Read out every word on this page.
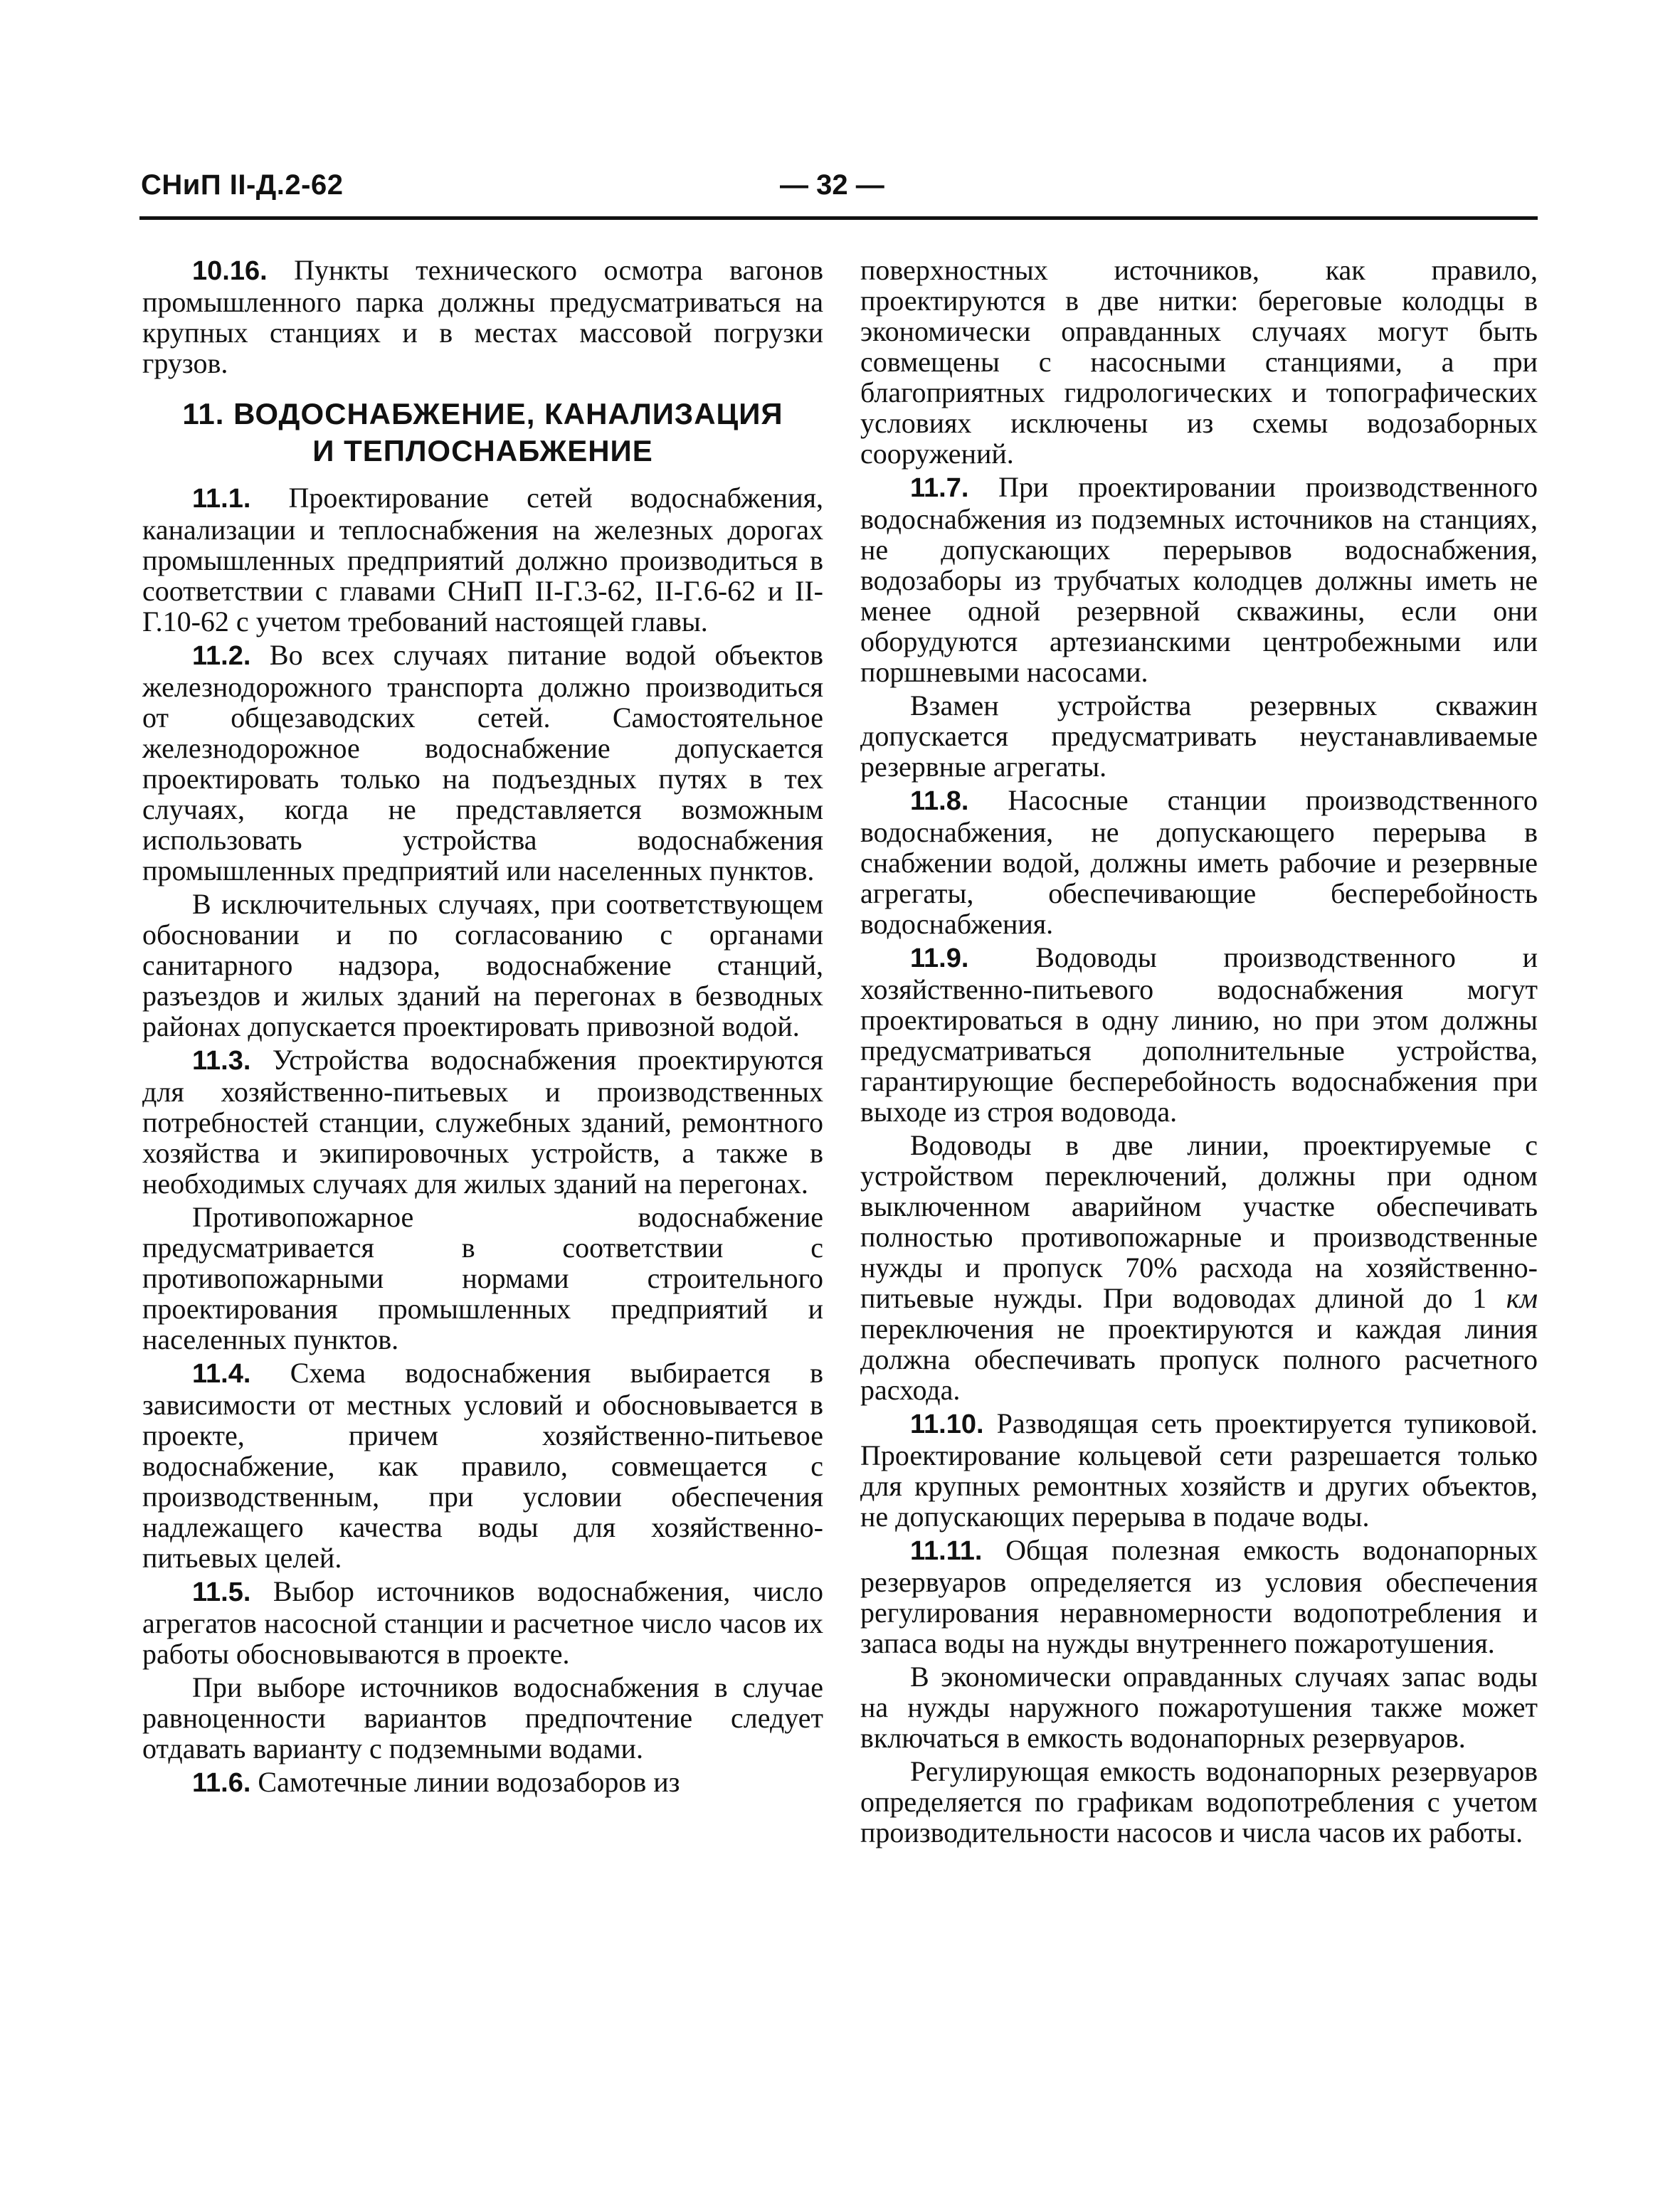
СНиП II-Д.2-62	— 32 —

10.16. Пункты технического осмотра вагонов промышленного парка должны предусматриваться на крупных станциях и в местах массовой погрузки грузов.

11. ВОДОСНАБЖЕНИЕ, КАНАЛИЗАЦИЯ
И ТЕПЛОСНАБЖЕНИЕ

11.1. Проектирование сетей водоснабжения, канализации и теплоснабжения на железных дорогах промышленных предприятий должно производиться в соответствии с главами СНиП II-Г.3-62, II-Г.6-62 и II-Г.10-62 с учетом требований настоящей главы.

11.2. Во всех случаях питание водой объектов железнодорожного транспорта должно производиться от общезаводских сетей. Самостоятельное железнодорожное водоснабжение допускается проектировать только на подъездных путях в тех случаях, когда не представляется возможным использовать устройства водоснабжения промышленных предприятий или населенных пунктов.

В исключительных случаях, при соответствующем обосновании и по согласованию с органами санитарного надзора, водоснабжение станций, разъездов и жилых зданий на перегонах в безводных районах допускается проектировать привозной водой.

11.3. Устройства водоснабжения проектируются для хозяйственно-питьевых и производственных потребностей станции, служебных зданий, ремонтного хозяйства и экипировочных устройств, а также в необходимых случаях для жилых зданий на перегонах.

Противопожарное водоснабжение предусматривается в соответствии с противопожарными нормами строительного проектирования промышленных предприятий и населенных пунктов.

11.4. Схема водоснабжения выбирается в зависимости от местных условий и обосновывается в проекте, причем хозяйственно-питьевое водоснабжение, как правило, совмещается с производственным, при условии обеспечения надлежащего качества воды для хозяйственно-питьевых целей.

11.5. Выбор источников водоснабжения, число агрегатов насосной станции и расчетное число часов их работы обосновываются в проекте.

При выборе источников водоснабжения в случае равноценности вариантов предпочтение следует отдавать варианту с подземными водами.

11.6. Самотечные линии водозаборов из

поверхностных источников, как правило, проектируются в две нитки: береговые колодцы в экономически оправданных случаях могут быть совмещены с насосными станциями, а при благоприятных гидрологических и топографических условиях исключены из схемы водозаборных сооружений.

11.7. При проектировании производственного водоснабжения из подземных источников на станциях, не допускающих перерывов водоснабжения, водозаборы из трубчатых колодцев должны иметь не менее одной резервной скважины, если они оборудуются артезианскими центробежными или поршневыми насосами.

Взамен устройства резервных скважин допускается предусматривать неустанавливаемые резервные агрегаты.

11.8. Насосные станции производственного водоснабжения, не допускающего перерыва в снабжении водой, должны иметь рабочие и резервные агрегаты, обеспечивающие бесперебойность водоснабжения.

11.9. Водоводы производственного и хозяйственно-питьевого водоснабжения могут проектироваться в одну линию, но при этом должны предусматриваться дополнительные устройства, гарантирующие бесперебойность водоснабжения при выходе из строя водовода.

Водоводы в две линии, проектируемые с устройством переключений, должны при одном выключенном аварийном участке обеспечивать полностью противопожарные и производственные нужды и пропуск 70% расхода на хозяйственно-питьевые нужды. При водоводах длиной до 1 км переключения не проектируются и каждая линия должна обеспечивать пропуск полного расчетного расхода.

11.10. Разводящая сеть проектируется тупиковой. Проектирование кольцевой сети разрешается только для крупных ремонтных хозяйств и других объектов, не допускающих перерыва в подаче воды.

11.11. Общая полезная емкость водонапорных резервуаров определяется из условия обеспечения регулирования неравномерности водопотребления и запаса воды на нужды внутреннего пожаротушения.

В экономически оправданных случаях запас воды на нужды наружного пожаротушения также может включаться в емкость водонапорных резервуаров.

Регулирующая емкость водонапорных резервуаров определяется по графикам водопотребления с учетом производительности насосов и числа часов их работы.
